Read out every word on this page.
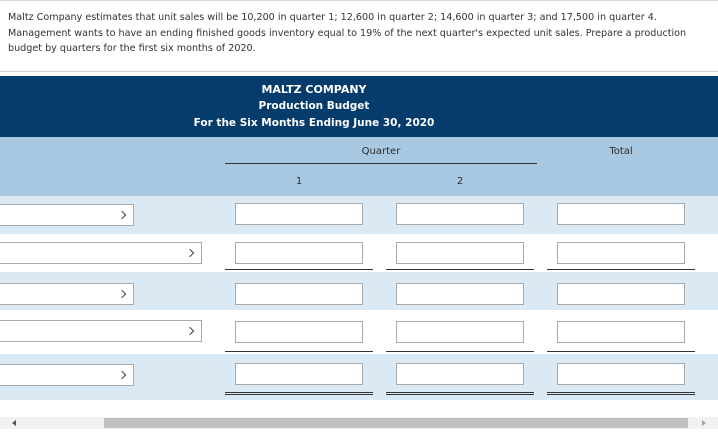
Maltz Company estimates that unit sales will be 10,200 in quarter 1; 12,600 in quarter 2; 14,600 in quarter 3; and 17,500 in quarter 4. Management wants to have an ending finished goods inventory equal to 19% of the next quarter's expected unit sales. Prepare a production budget by quarters for the first six months of 2020.
MALTZ COMPANY
Production Budget
For the Six Months Ending June 30, 2020
Quarter
1	2
Total
